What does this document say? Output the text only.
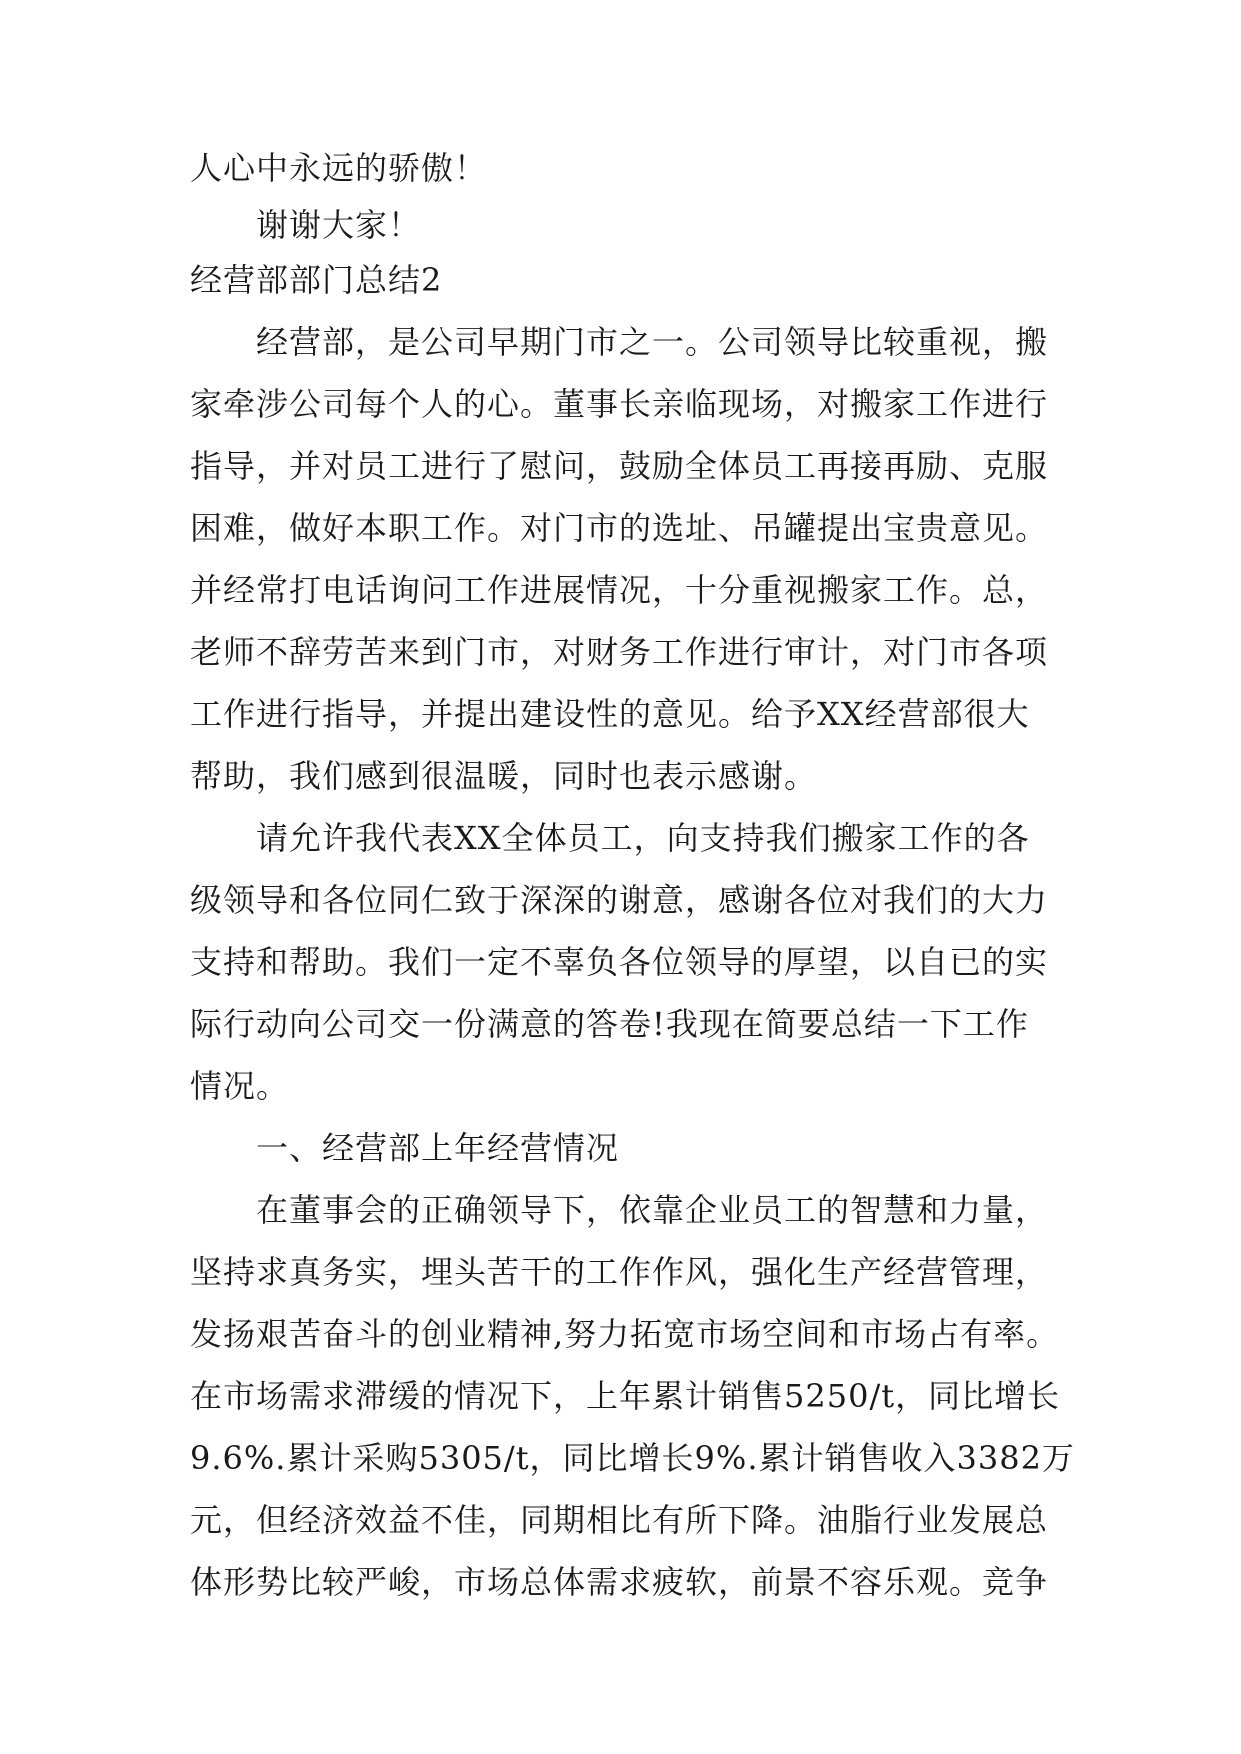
人心中永远的骄傲！
谢谢大家！
经营部部门总结2
经营部，是公司早期门市之一。公司领导比较重视，搬
家牵涉公司每个人的心。董事长亲临现场，对搬家工作进行
指导，并对员工进行了慰问，鼓励全体员工再接再励、克服
困难，做好本职工作。对门市的选址、吊罐提出宝贵意见。
并经常打电话询问工作进展情况，十分重视搬家工作。总，
老师不辞劳苦来到门市，对财务工作进行审计，对门市各项
工作进行指导，并提出建设性的意见。给予XX经营部很大
帮助，我们感到很温暖，同时也表示感谢。
请允许我代表XX全体员工，向支持我们搬家工作的各
级领导和各位同仁致于深深的谢意，感谢各位对我们的大力
支持和帮助。我们一定不辜负各位领导的厚望，以自已的实
际行动向公司交一份满意的答卷!我现在简要总结一下工作
情况。
一、经营部上年经营情况
在董事会的正确领导下，依靠企业员工的智慧和力量，
坚持求真务实，埋头苦干的工作作风，强化生产经营管理，
发扬艰苦奋斗的创业精神,努力拓宽市场空间和市场占有率。
在市场需求滞缓的情况下，上年累计销售5250/t，同比增长
9.6%.累计采购5305/t，同比增长9%.累计销售收入3382万
元，但经济效益不佳，同期相比有所下降。油脂行业发展总
体形势比较严峻，市场总体需求疲软，前景不容乐观。竞争
